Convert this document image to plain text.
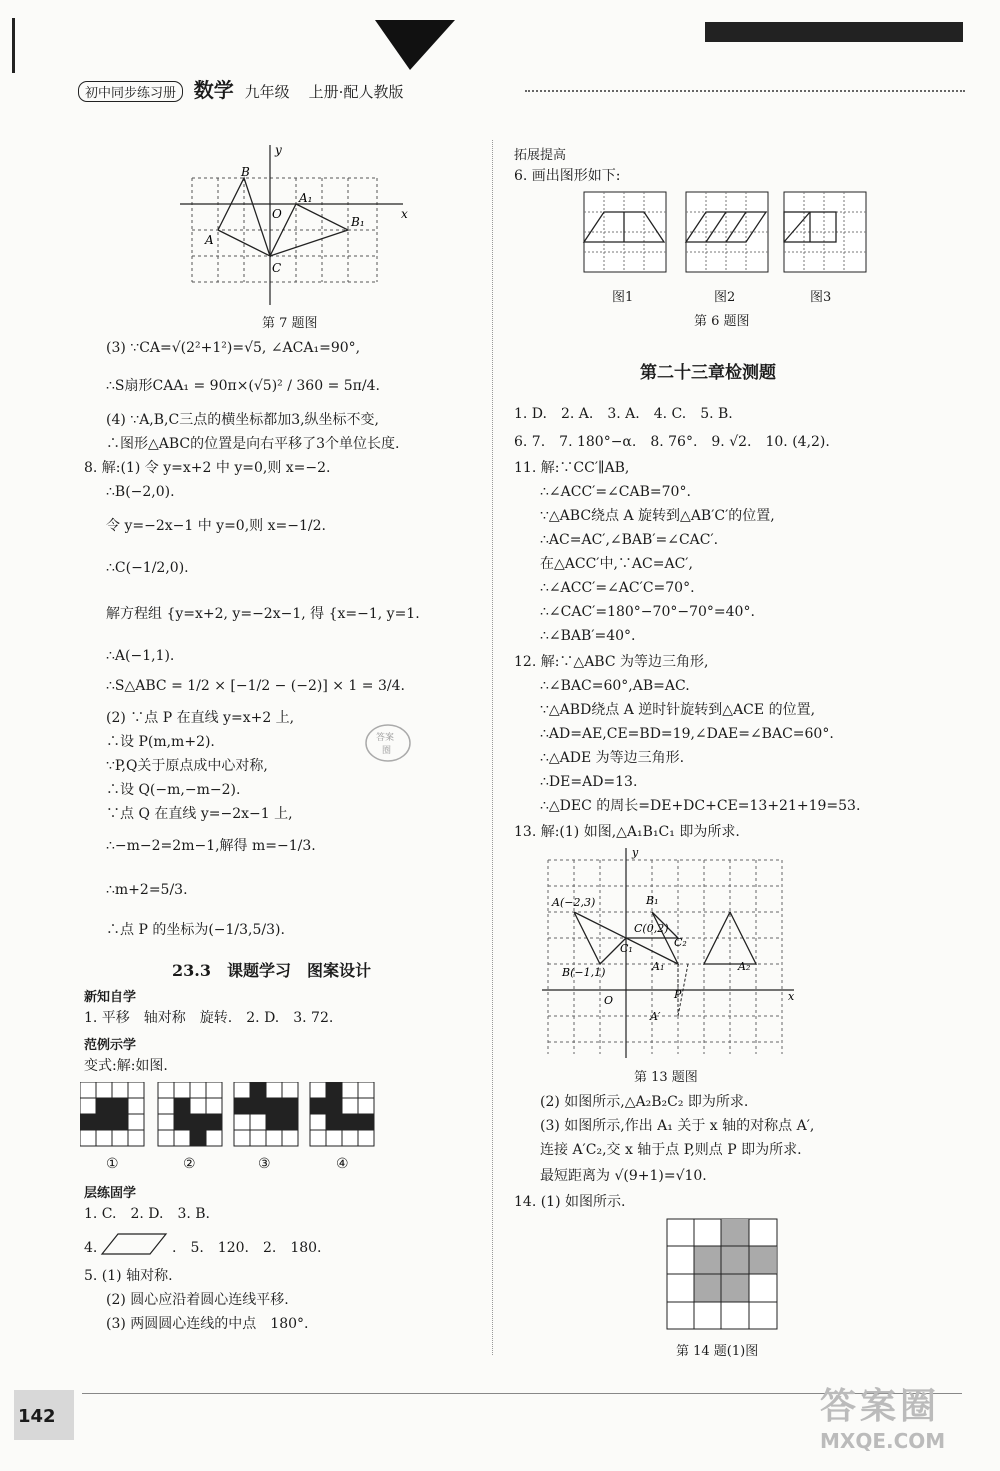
初中同步练习册 数学 九年级 上册·配人教版
y
x
B
O
A₁
B₁
A
C
第 7 题图
(3) ∵CA=√(2²+1²)=√5, ∠ACA₁=90°,
∴S扇形CAA₁ = 90π×(√5)² / 360 = 5π/4.
(4) ∵A,B,C三点的横坐标都加3,纵坐标不变,
∴图形△ABC的位置是向右平移了3个单位长度.
8. 解:(1) 令 y=x+2 中 y=0,则 x=−2.
∴B(−2,0).
令 y=−2x−1 中 y=0,则 x=−1/2.
∴C(−1/2,0).
解方程组 {y=x+2, y=−2x−1, 得 {x=−1, y=1.
∴A(−1,1).
∴S△ABC = 1/2 × [−1/2 − (−2)] × 1 = 3/4.
(2) ∵点 P 在直线 y=x+2 上,
∴设 P(m,m+2).
∵P,Q关于原点成中心对称,
∴设 Q(−m,−m−2).
∵点 Q 在直线 y=−2x−1 上,
∴−m−2=2m−1,解得 m=−1/3.
∴m+2=5/3.
∴点 P 的坐标为(−1/3,5/3).
答案
圈
23.3　课题学习　图案设计
新知自学
1. 平移　轴对称　旋转.　2. D.　3. 72.
范例示学
变式:解:如图.
①	②	③	④
层练固学
1. C.　2. D.　3. B.
4.	.　5.　120.　2.　180.
5. (1) 轴对称.
(2) 圆心应沿着圆心连线平移.
(3) 两圆圆心连线的中点　180°.
拓展提高
6. 画出图形如下:
图1	图2	图3
第 6 题图
第二十三章检测题
1. D.　2. A.　3. A.　4. C.　5. B.
6. 7.　7. 180°−α.　8. 76°.　9. √2.　10. (4,2).
11. 解:∵CC′∥AB,
∴∠ACC′=∠CAB=70°.
∵△ABC绕点 A 旋转到△AB′C′的位置,
∴AC=AC′,∠BAB′=∠CAC′.
在△ACC′中,∵AC=AC′,
∴∠ACC′=∠AC′C=70°.
∴∠CAC′=180°−70°−70°=40°.
∴∠BAB′=40°.
12. 解:∵△ABC 为等边三角形,
∴∠BAC=60°,AB=AC.
∵△ABD绕点 A 逆时针旋转到△ACE 的位置,
∴AD=AE,CE=BD=19,∠DAE=∠BAC=60°.
∴△ADE 为等边三角形.
∴DE=AD=13.
∴△DEC 的周长=DE+DC+CE=13+21+19=53.
13. 解:(1) 如图,△A₁B₁C₁ 即为所求.
y
x
A(−2,3)	B₁
C(0,2)
C₁	C₂
B(−1,1)	A₁	A₂
O	P
A′
第 13 题图
(2) 如图所示,△A₂B₂C₂ 即为所求.
(3) 如图所示,作出 A₁ 关于 x 轴的对称点 A′,
连接 A′C₂,交 x 轴于点 P,则点 P 即为所求.
最短距离为 √(9+1)=√10.
14. (1) 如图所示.
第 14 题(1)图
142	答案圈
MXQE.COM
